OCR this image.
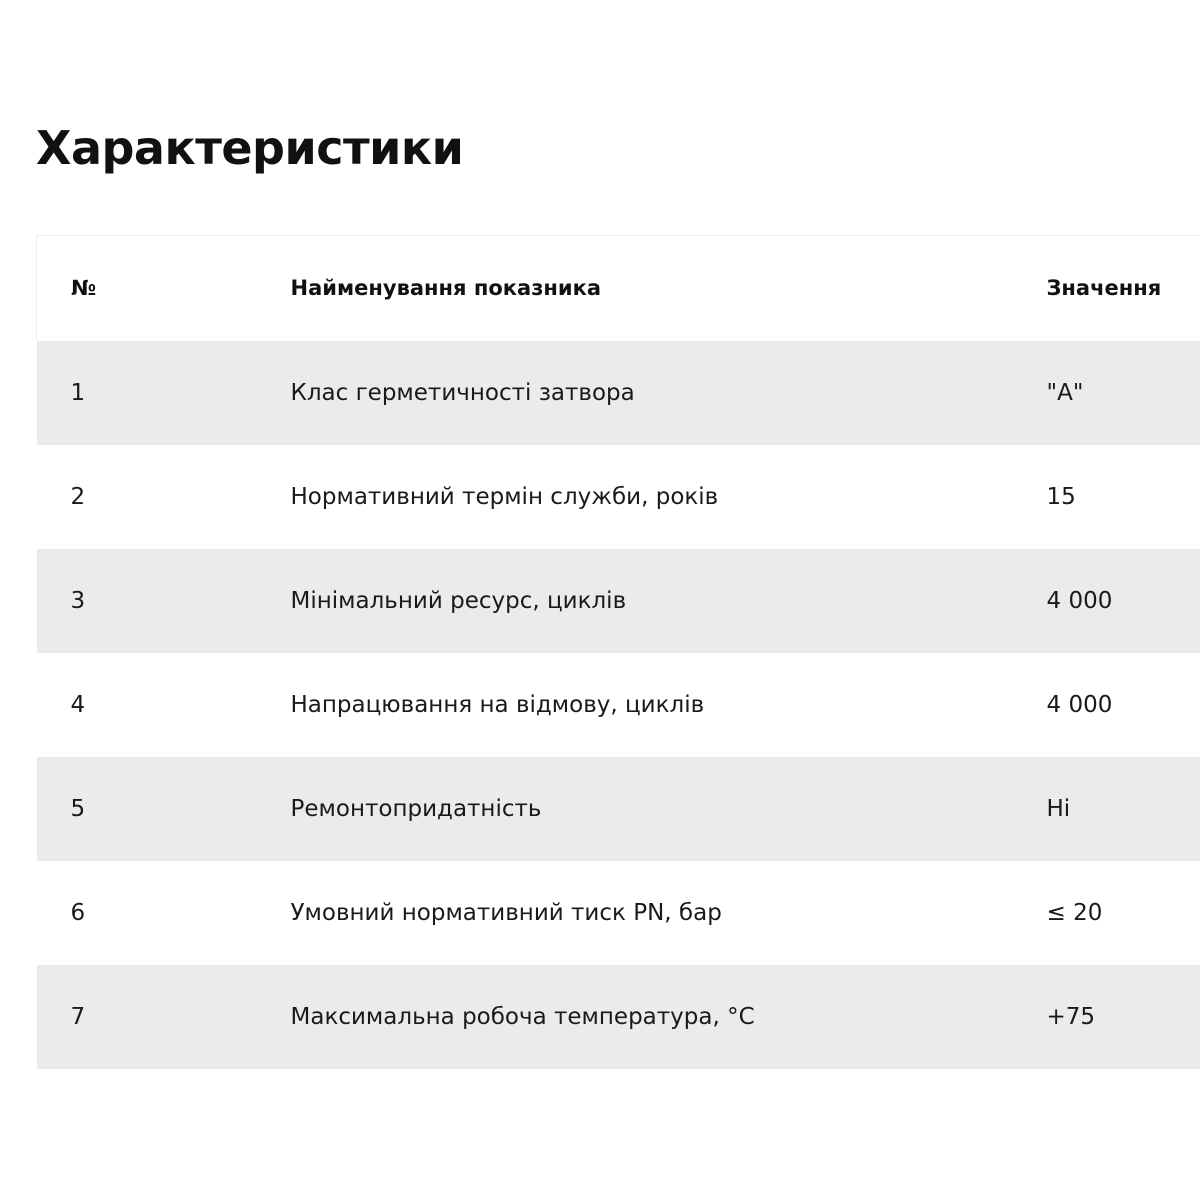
Характеристики
№	Найменування показника	Значення
1	Клас герметичності затвора	"А"
2	Нормативний термін служби, років	15
3	Мінімальний ресурс, циклів	4 000
4	Напрацювання на відмову, циклів	4 000
5	Ремонтопридатність	Ні
6	Умовний нормативний тиск PN, бар	≤ 20
7	Максимальна робоча температура, °C	+75
